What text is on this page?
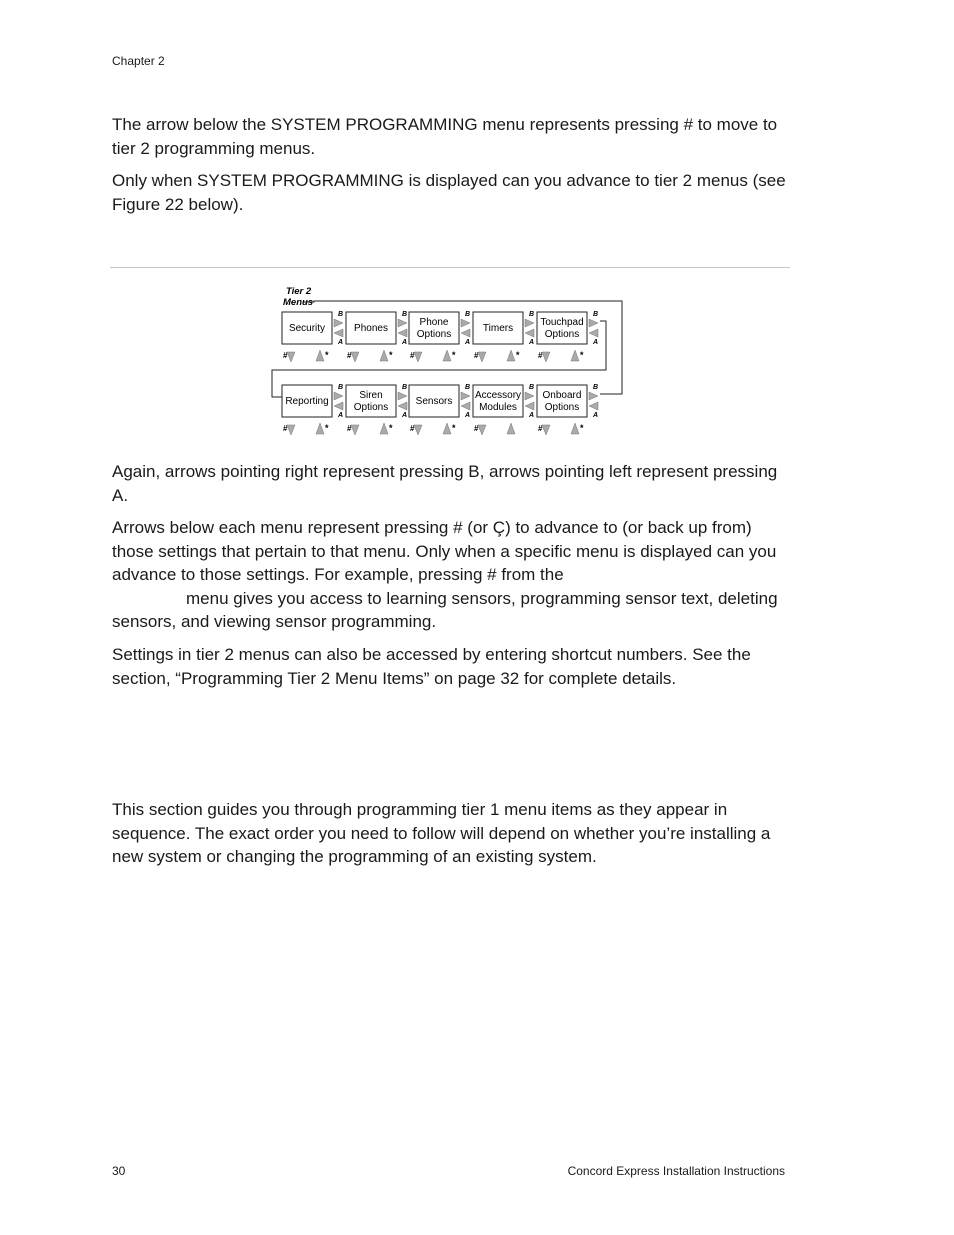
Chapter 2

The arrow below the SYSTEM PROGRAMMING menu represents pressing # to move to tier 2 programming menus.

Only when SYSTEM PROGRAMMING is displayed can you advance to tier 2 menus (see Figure 22 below).

Tier 2
Menus
Security
B
A
#	*
Phones
B
A
#	*
Phone
Options
B
A
#	*
Timers
B
A
#	*
Touchpad
Options
B
A
#	*
Reporting
B
A
#	*
Siren
Options
B
A
#	*
Sensors
B
A
#	*
Accessory
Modules
B
A
#
Onboard
Options
B
A
#	*

Again, arrows pointing right represent pressing B, arrows pointing left represent pressing A.

Arrows below each menu represent pressing # (or Ç) to advance to (or back up from) those settings that pertain to that menu. Only when a specific menu is displayed can you advance to those settings. For example, pressing # from the
menu gives you access to learning sensors, programming sensor text, deleting sensors, and viewing sensor programming.

Settings in tier 2 menus can also be accessed by entering shortcut numbers. See the section, “Programming Tier 2 Menu Items” on page 32 for complete details.

This section guides you through programming tier 1 menu items as they appear in sequence. The exact order you need to follow will depend on whether you’re installing a new system or changing the programming of an existing system.

30	Concord Express Installation Instructions
